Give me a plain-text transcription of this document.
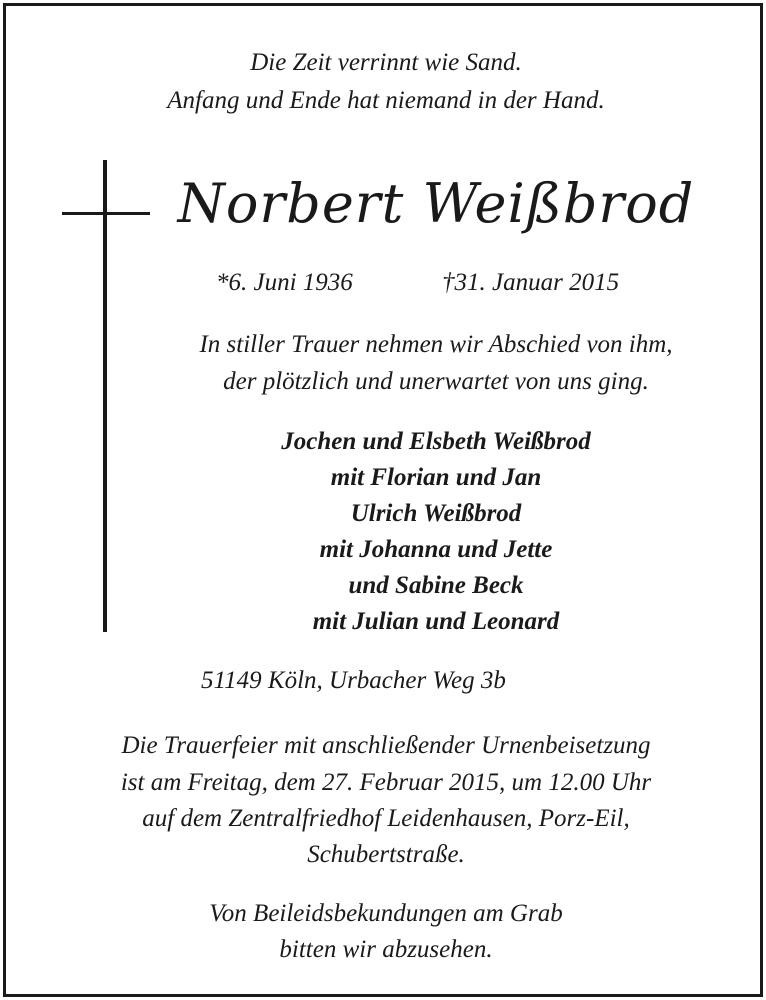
Die Zeit verrinnt wie Sand.
Anfang und Ende hat niemand in der Hand.
Norbert Weißbrod
*6. Juni 1936	†31. Januar 2015
In stiller Trauer nehmen wir Abschied von ihm,
der plötzlich und unerwartet von uns ging.
Jochen und Elsbeth Weißbrod
mit Florian und Jan
Ulrich Weißbrod
mit Johanna und Jette
und Sabine Beck
mit Julian und Leonard
51149 Köln, Urbacher Weg 3b
Die Trauerfeier mit anschließender Urnenbeisetzung
ist am Freitag, dem 27. Februar 2015, um 12.00 Uhr
auf dem Zentralfriedhof Leidenhausen, Porz-Eil,
Schubertstraße.
Von Beileidsbekundungen am Grab
bitten wir abzusehen.
